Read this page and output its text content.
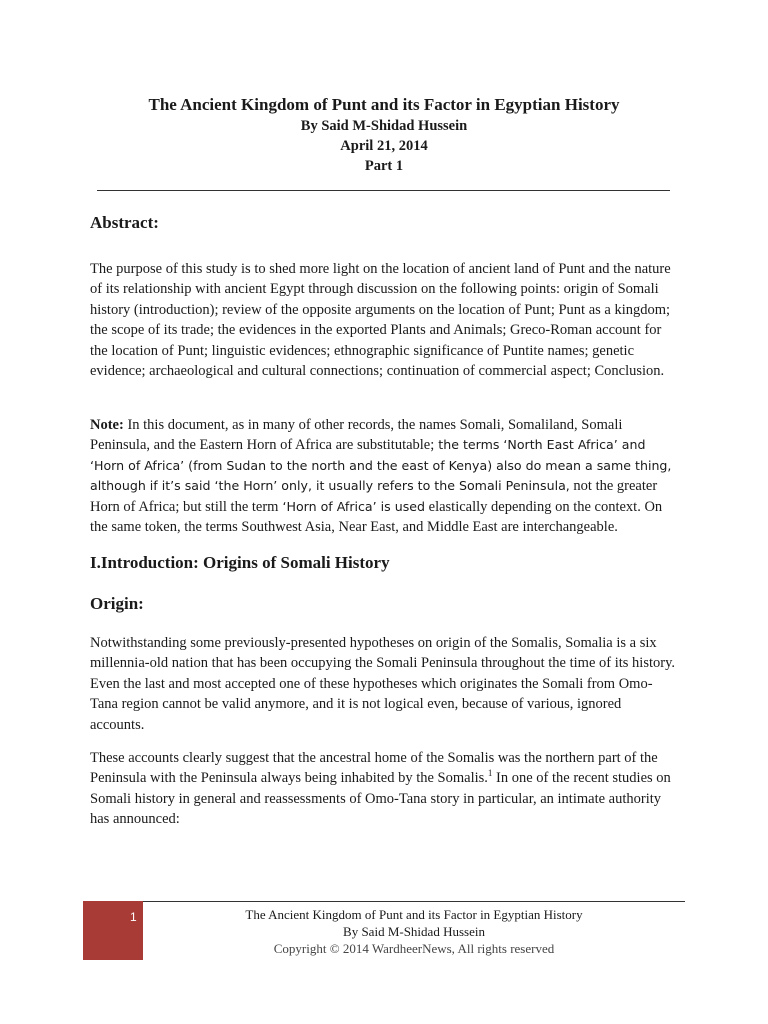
The Ancient Kingdom of Punt and its Factor in Egyptian History
By Said M-Shidad Hussein
April 21, 2014
Part 1
Abstract:

The purpose of this study is to shed more light on the location of ancient land of Punt and the nature of its relationship with ancient Egypt through discussion on the following points: origin of Somali history (introduction); review of the opposite arguments on the location of Punt; Punt as a kingdom; the scope of its trade; the evidences in the exported Plants and Animals; Greco-Roman account for the location of Punt; linguistic evidences; ethnographic significance of Puntite names; genetic evidence; archaeological and cultural connections; continuation of commercial aspect; Conclusion.

Note: In this document, as in many of other records, the names Somali, Somaliland, Somali Peninsula, and the Eastern Horn of Africa are substitutable; the terms ‘North East Africa’ and ‘Horn of Africa’ (from Sudan to the north and the east of Kenya) also do mean a same thing, although if it’s said ‘the Horn’ only, it usually refers to the Somali Peninsula, not the greater Horn of Africa; but still the term ‘Horn of Africa’ is used elastically depending on the context. On the same token, the terms Southwest Asia, Near East, and Middle East are interchangeable.

I.Introduction: Origins of Somali History
Origin:

Notwithstanding some previously-presented hypotheses on origin of the Somalis, Somalia is a six millennia-old nation that has been occupying the Somali Peninsula throughout the time of its history. Even the last and most accepted one of these hypotheses which originates the Somali from Omo-Tana region cannot be valid anymore, and it is not logical even, because of various, ignored accounts.

These accounts clearly suggest that the ancestral home of the Somalis was the northern part of the Peninsula with the Peninsula always being inhabited by the Somalis.$^1$ In one of the recent studies on Somali history in general and reassessments of Omo-Tana story in particular, an intimate authority has announced:

1	The Ancient Kingdom of Punt and its Factor in Egyptian History
By Said M-Shidad Hussein
Copyright © 2014 WardheerNews, All rights reserved
